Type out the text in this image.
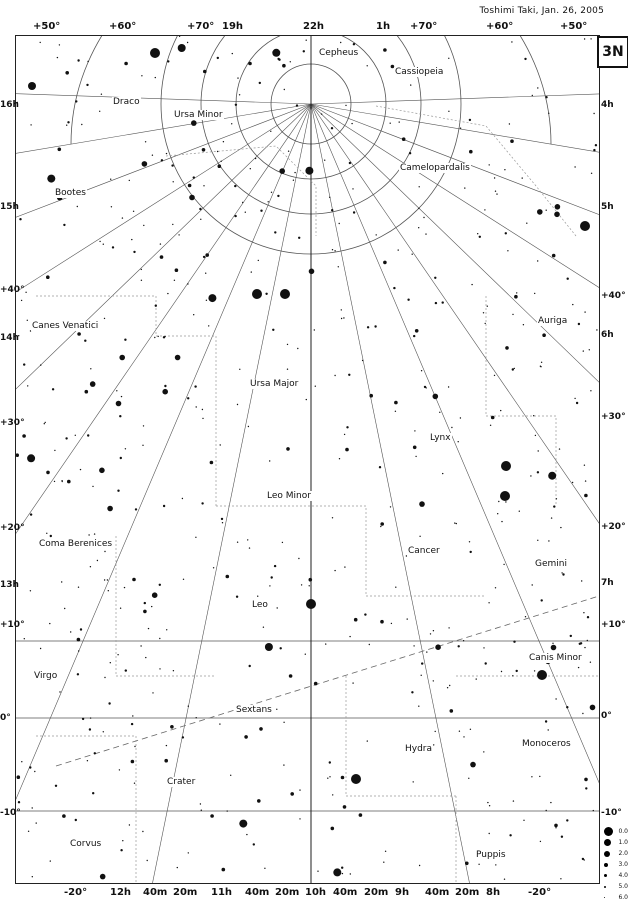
Toshimi Taki, Jan. 26, 2005
+50°	+60°	+70° 19h	22h	1h +70°	+60°	+50°
Cepheus
Cassiopeia
Draco
Ursa Minor
Camelopardalis
Bootes
Canes Venatici	Auriga
Ursa Major
Lynx
Coma Berenices
Leo Minor
Cancer
Gemini
Leo
Canis Minor
Virgo
Sextans
Hydra	Monoceros
Crater
Corvus
Puppis
3N
16h
15h
+40°
14h
+30°
+20°
13h
+10°
0°
-10°
4h
5h
+40°
6h
+30°
+20°
7h
+10°
0°
-10°
-20° 12h 40m 20m 11h 40m 20m 10h 40m 20m 9h 40m 20m 8h	-20°
0.0
1.0
2.0
3.0
4.0
5.0
6.0
